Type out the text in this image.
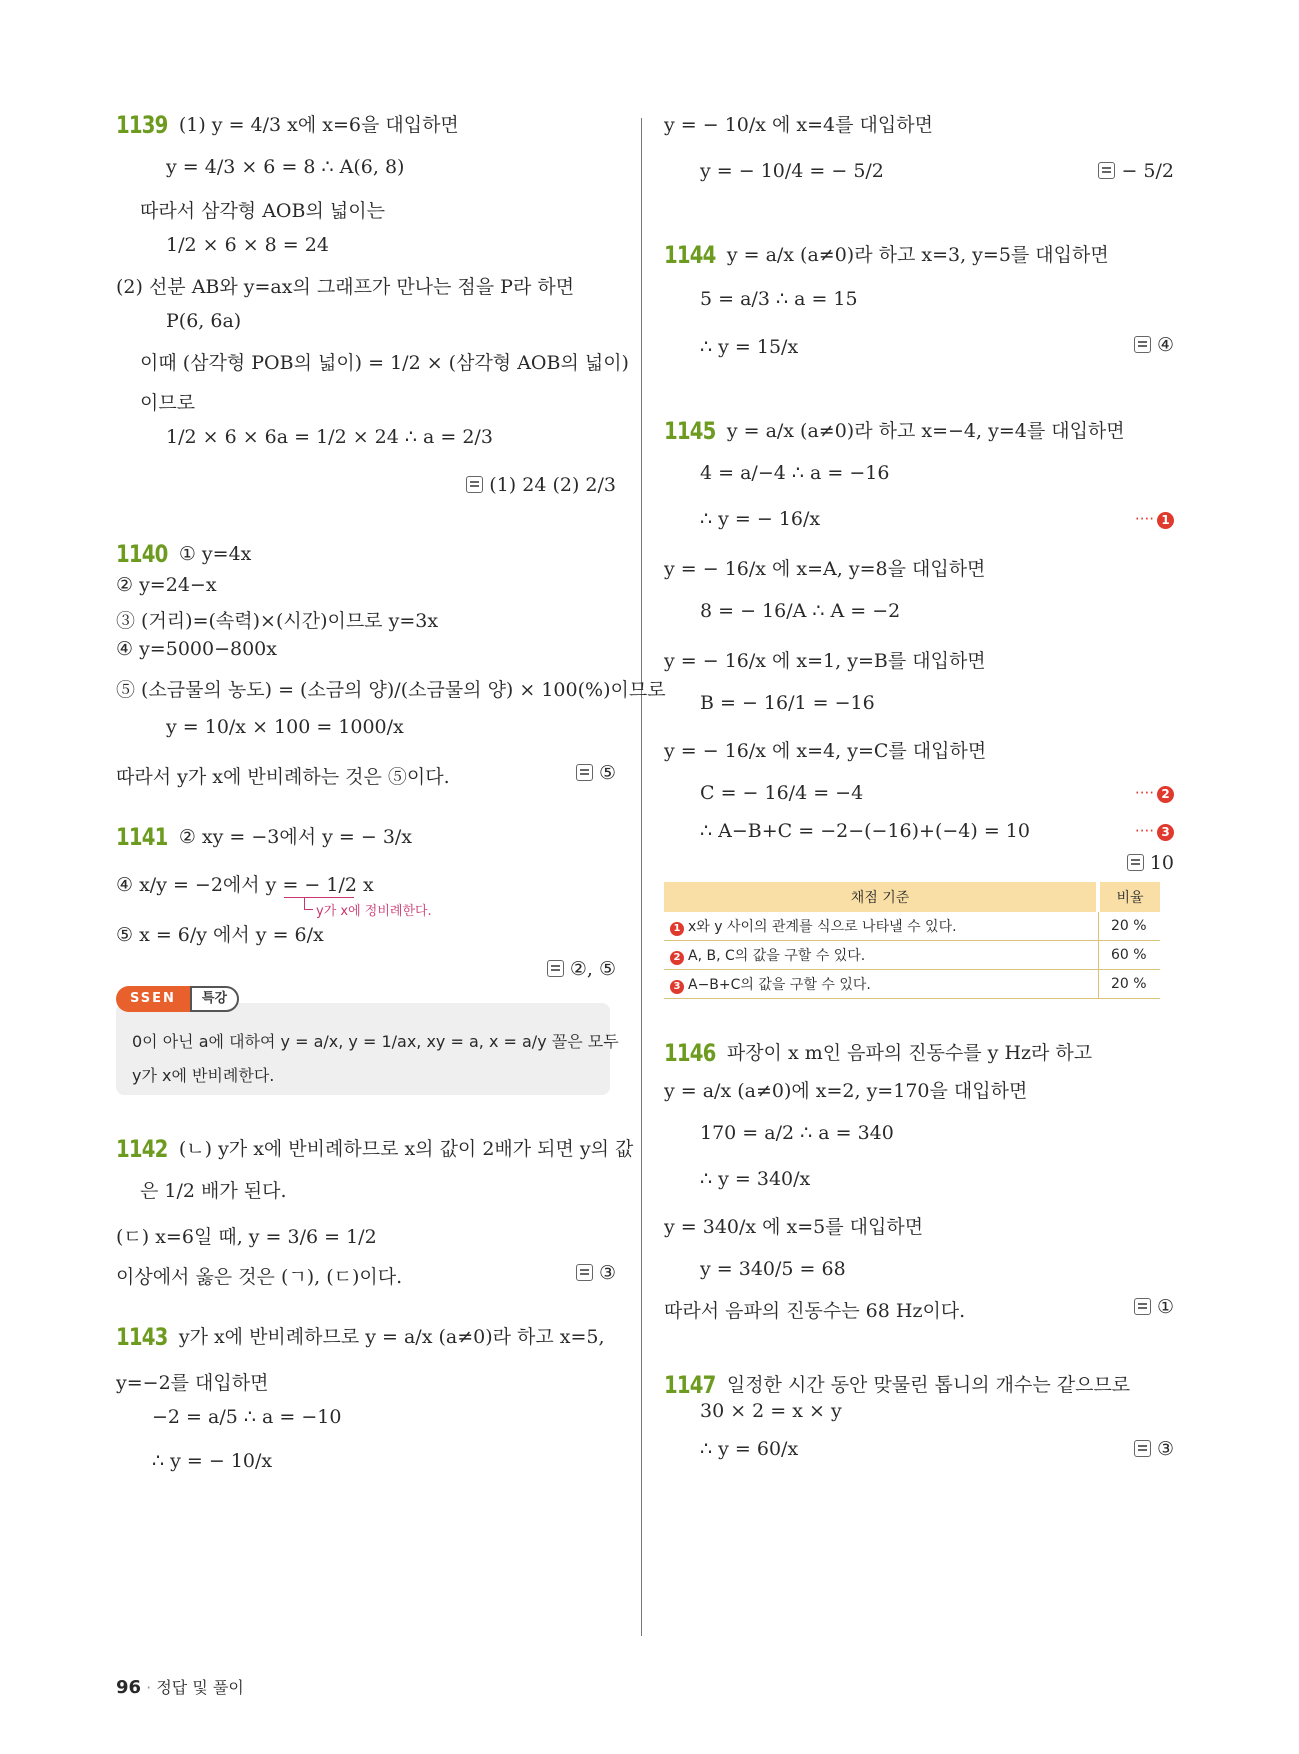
1139 (1) y = 4/3 x에 x=6을 대입하면
y = 4/3 × 6 = 8 ∴ A(6, 8)
따라서 삼각형 AOB의 넓이는
1/2 × 6 × 8 = 24
(2) 선분 AB와 y=ax의 그래프가 만나는 점을 P라 하면
P(6, 6a)
이때 (삼각형 POB의 넓이) = 1/2 × (삼각형 AOB의 넓이)
이므로
1/2 × 6 × 6a = 1/2 × 24 ∴ a = 2/3
(1) 24 (2) 2/3
1140 ① y=4x
② y=24−x
③ (거리)=(속력)×(시간)이므로 y=3x
④ y=5000−800x
⑤ (소금물의 농도) = (소금의 양)/(소금물의 양) × 100(%)이므로
y = 10/x × 100 = 1000/x
따라서 y가 x에 반비례하는 것은 ⑤이다.	⑤
1141 ② xy = −3에서 y = − 3/x
④ x/y = −2에서 y = − 1/2 x
y가 x에 정비례한다.
⑤ x = 6/y 에서 y = 6/x
②, ⑤
0이 아닌 a에 대하여 y = a/x, y = 1/ax, xy = a, x = a/y 꼴은 모두
y가 x에 반비례한다.
SSEN	특강
1142 (ㄴ) y가 x에 반비례하므로 x의 값이 2배가 되면 y의 값
은 1/2 배가 된다.
(ㄷ) x=6일 때, y = 3/6 = 1/2
이상에서 옳은 것은 (ㄱ), (ㄷ)이다.	③
1143 y가 x에 반비례하므로 y = a/x (a≠0)라 하고 x=5,
y=−2를 대입하면
−2 = a/5 ∴ a = −10
∴ y = − 10/x
y = − 10/x 에 x=4를 대입하면
y = − 10/4 = − 5/2	− 5/2
1144 y = a/x (a≠0)라 하고 x=3, y=5를 대입하면
5 = a/3 ∴ a = 15
∴ y = 15/x	④
1145 y = a/x (a≠0)라 하고 x=−4, y=4를 대입하면
4 = a/−4 ∴ a = −16
∴ y = − 16/x	···· 1
y = − 16/x 에 x=A, y=8을 대입하면
8 = − 16/A ∴ A = −2
y = − 16/x 에 x=1, y=B를 대입하면
B = − 16/1 = −16
y = − 16/x 에 x=4, y=C를 대입하면
C = − 16/4 = −4	···· 2
∴ A−B+C = −2−(−16)+(−4) = 10	···· 3
10
채점 기준	비율
1 x와 y 사이의 관계를 식으로 나타낼 수 있다.	20 %
2 A, B, C의 값을 구할 수 있다.	60 %
3 A−B+C의 값을 구할 수 있다.	20 %
1146 파장이 x m인 음파의 진동수를 y Hz라 하고
y = a/x (a≠0)에 x=2, y=170을 대입하면
170 = a/2 ∴ a = 340
∴ y = 340/x
y = 340/x 에 x=5를 대입하면
y = 340/5 = 68
따라서 음파의 진동수는 68 Hz이다.	①
1147 일정한 시간 동안 맞물린 톱니의 개수는 같으므로
30 × 2 = x × y
∴ y = 60/x	③
96 · 정답 및 풀이
